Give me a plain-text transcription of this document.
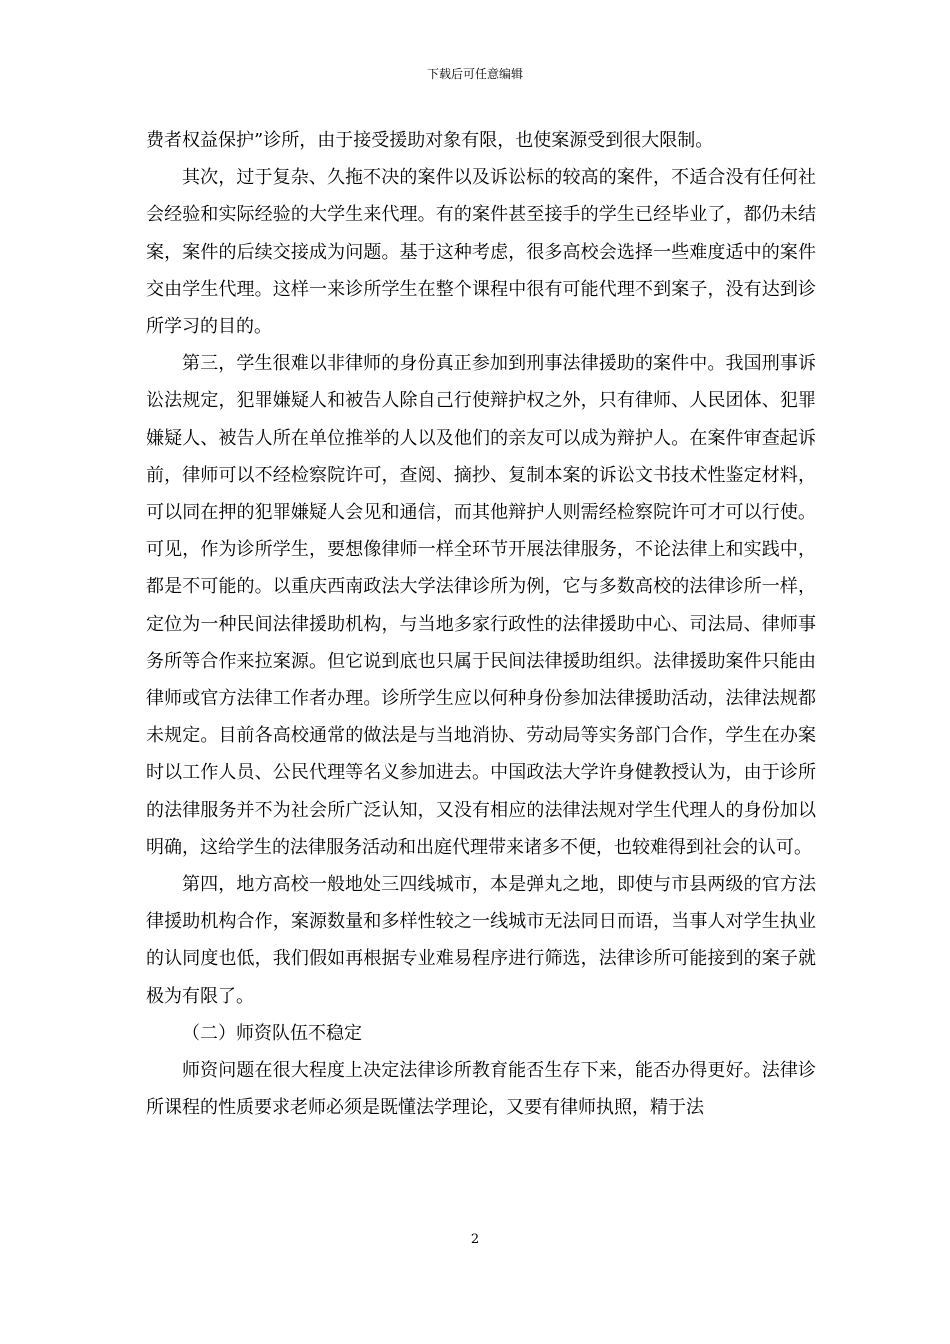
下载后可任意编辑

费者权益保护”诊所，由于接受援助对象有限，也使案源受到很大限制。

其次，过于复杂、久拖不决的案件以及诉讼标的较高的案件，不适合没有任何社会经验和实际经验的大学生来代理。有的案件甚至接手的学生已经毕业了，都仍未结案，案件的后续交接成为问题。基于这种考虑，很多高校会选择一些难度适中的案件交由学生代理。这样一来诊所学生在整个课程中很有可能代理不到案子，没有达到诊所学习的目的。

第三，学生很难以非律师的身份真正参加到刑事法律援助的案件中。我国刑事诉讼法规定，犯罪嫌疑人和被告人除自己行使辩护权之外，只有律师、人民团体、犯罪嫌疑人、被告人所在单位推举的人以及他们的亲友可以成为辩护人。在案件审查起诉前，律师可以不经检察院许可，查阅、摘抄、复制本案的诉讼文书技术性鉴定材料，可以同在押的犯罪嫌疑人会见和通信，而其他辩护人则需经检察院许可才可以行使。可见，作为诊所学生，要想像律师一样全环节开展法律服务，不论法律上和实践中，都是不可能的。以重庆西南政法大学法律诊所为例，它与多数高校的法律诊所一样，定位为一种民间法律援助机构，与当地多家行政性的法律援助中心、司法局、律师事务所等合作来拉案源。但它说到底也只属于民间法律援助组织。法律援助案件只能由律师或官方法律工作者办理。诊所学生应以何种身份参加法律援助活动，法律法规都未规定。目前各高校通常的做法是与当地消协、劳动局等实务部门合作，学生在办案时以工作人员、公民代理等名义参加进去。中国政法大学许身健教授认为，由于诊所的法律服务并不为社会所广泛认知，又没有相应的法律法规对学生代理人的身份加以明确，这给学生的法律服务活动和出庭代理带来诸多不便，也较难得到社会的认可。

第四，地方高校一般地处三四线城市，本是弹丸之地，即使与市县两级的官方法律援助机构合作，案源数量和多样性较之一线城市无法同日而语，当事人对学生执业的认同度也低，我们假如再根据专业难易程序进行筛选，法律诊所可能接到的案子就极为有限了。

（二）师资队伍不稳定

师资问题在很大程度上决定法律诊所教育能否生存下来，能否办得更好。法律诊所课程的性质要求老师必须是既懂法学理论，又要有律师执照，精于法

2
